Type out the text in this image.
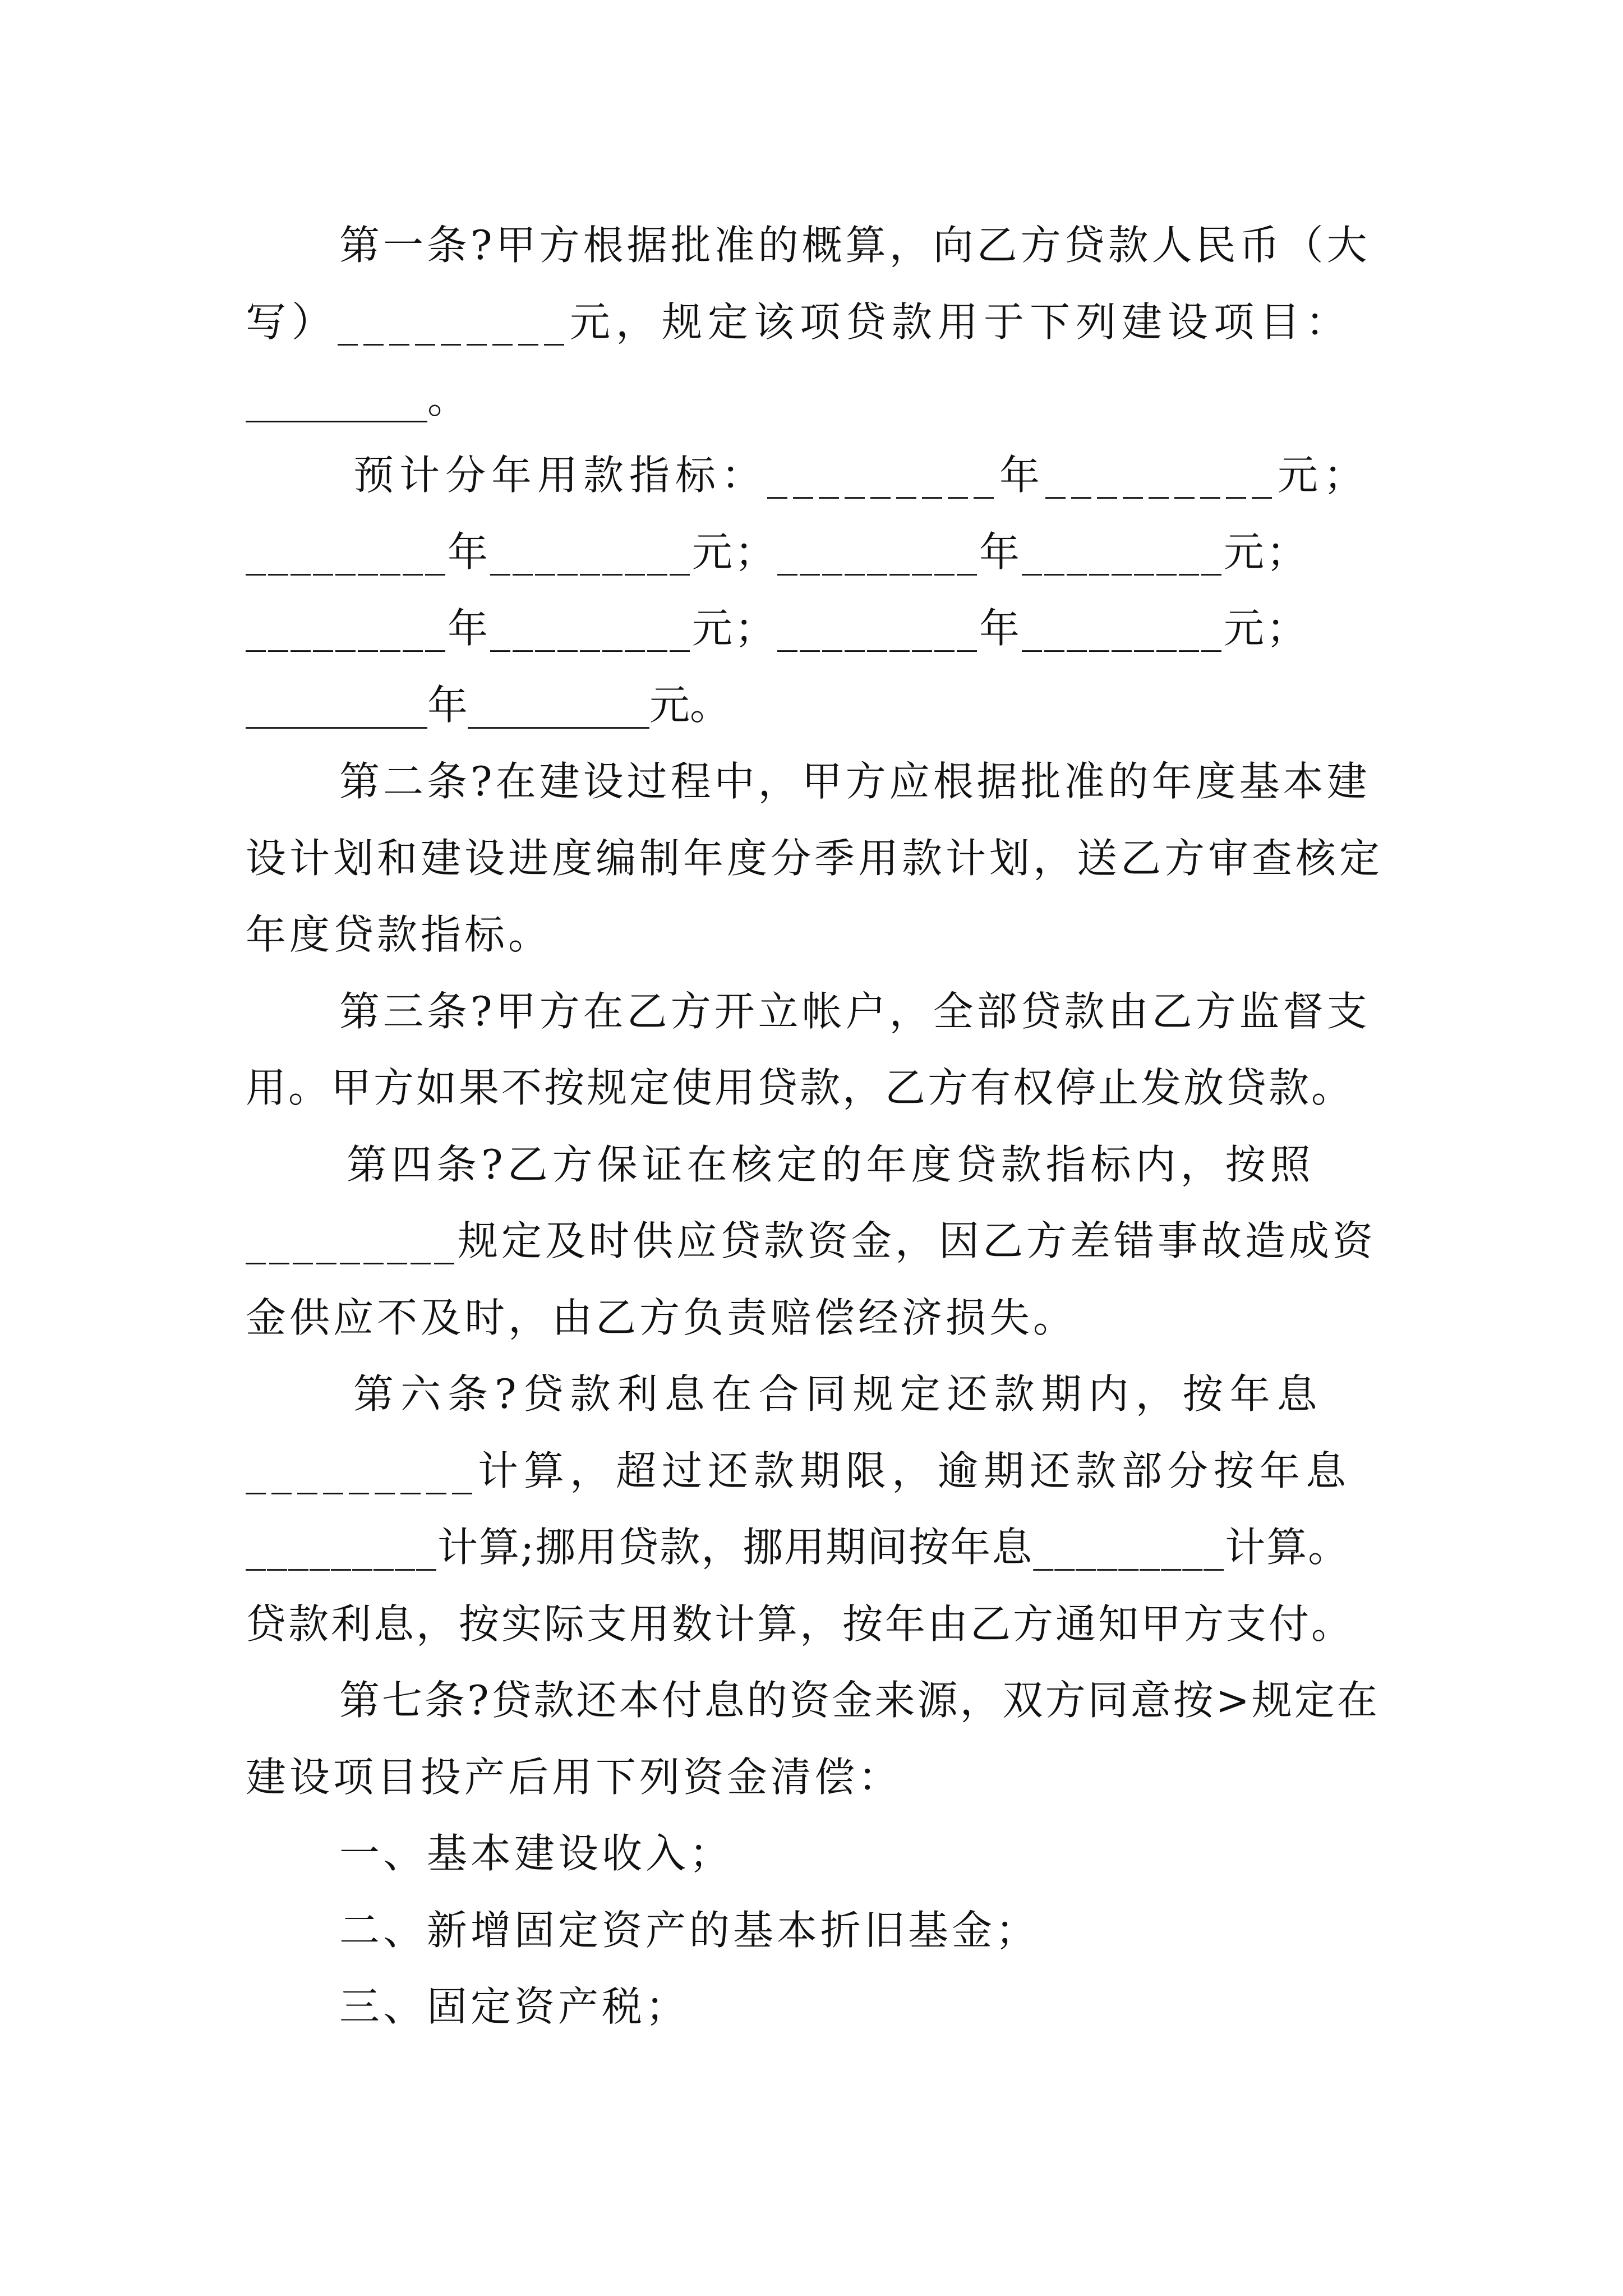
第一条?甲方根据批准的概算，向乙方贷款人民币（大
写）_________元，规定该项贷款用于下列建设项目：
_________。
预计分年用款指标：_________年_________元；
_________年_________元；_________年_________元；
_________年_________元；_________年_________元；
_________年_________元。
第二条?在建设过程中，甲方应根据批准的年度基本建
设计划和建设进度编制年度分季用款计划，送乙方审查核定
年度贷款指标。
第三条?甲方在乙方开立帐户，全部贷款由乙方监督支
用。甲方如果不按规定使用贷款，乙方有权停止发放贷款。
第四条?乙方保证在核定的年度贷款指标内，按照
_________规定及时供应贷款资金，因乙方差错事故造成资
金供应不及时，由乙方负责赔偿经济损失。
第六条?贷款利息在合同规定还款期内，按年息
_________计算，超过还款期限，逾期还款部分按年息
_________计算;挪用贷款，挪用期间按年息_________计算。
贷款利息，按实际支用数计算，按年由乙方通知甲方支付。
第七条?贷款还本付息的资金来源，双方同意按>规定在
建设项目投产后用下列资金清偿：
一、基本建设收入；
二、新增固定资产的基本折旧基金；
三、固定资产税；
